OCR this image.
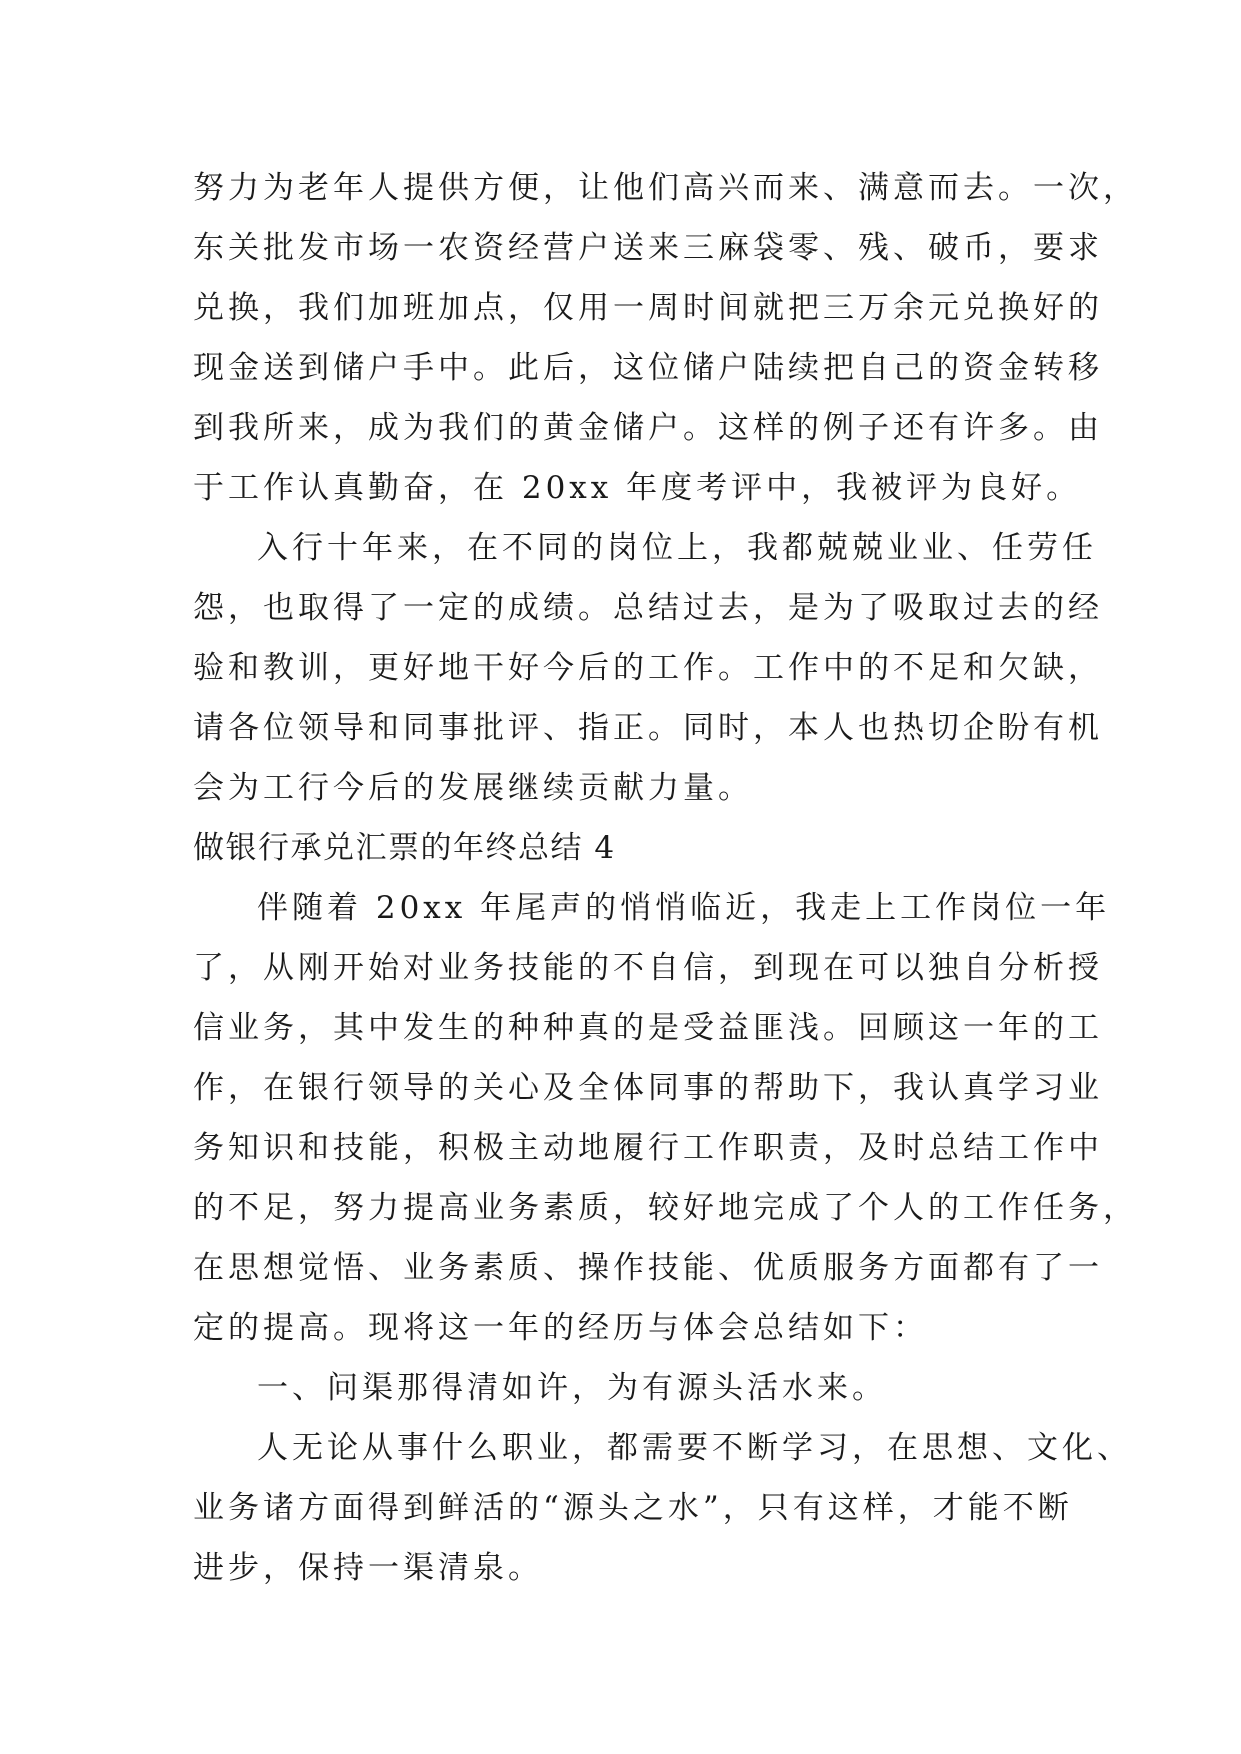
努力为老年人提供方便，让他们高兴而来、满意而去。一次，
东关批发市场一农资经营户送来三麻袋零、残、破币，要求
兑换，我们加班加点，仅用一周时间就把三万余元兑换好的
现金送到储户手中。此后，这位储户陆续把自己的资金转移
到我所来，成为我们的黄金储户。这样的例子还有许多。由
于工作认真勤奋，在 20xx 年度考评中，我被评为良好。
入行十年来，在不同的岗位上，我都兢兢业业、任劳任
怨，也取得了一定的成绩。总结过去，是为了吸取过去的经
验和教训，更好地干好今后的工作。工作中的不足和欠缺，
请各位领导和同事批评、指正。同时，本人也热切企盼有机
会为工行今后的发展继续贡献力量。
做银行承兑汇票的年终总结 4
伴随着 20xx 年尾声的悄悄临近，我走上工作岗位一年
了，从刚开始对业务技能的不自信，到现在可以独自分析授
信业务，其中发生的种种真的是受益匪浅。回顾这一年的工
作，在银行领导的关心及全体同事的帮助下，我认真学习业
务知识和技能，积极主动地履行工作职责，及时总结工作中
的不足，努力提高业务素质，较好地完成了个人的工作任务，
在思想觉悟、业务素质、操作技能、优质服务方面都有了一
定的提高。现将这一年的经历与体会总结如下：
一、问渠那得清如许，为有源头活水来。
人无论从事什么职业，都需要不断学习，在思想、文化、
业务诸方面得到鲜活的“源头之水”，只有这样，才能不断
进步，保持一渠清泉。
